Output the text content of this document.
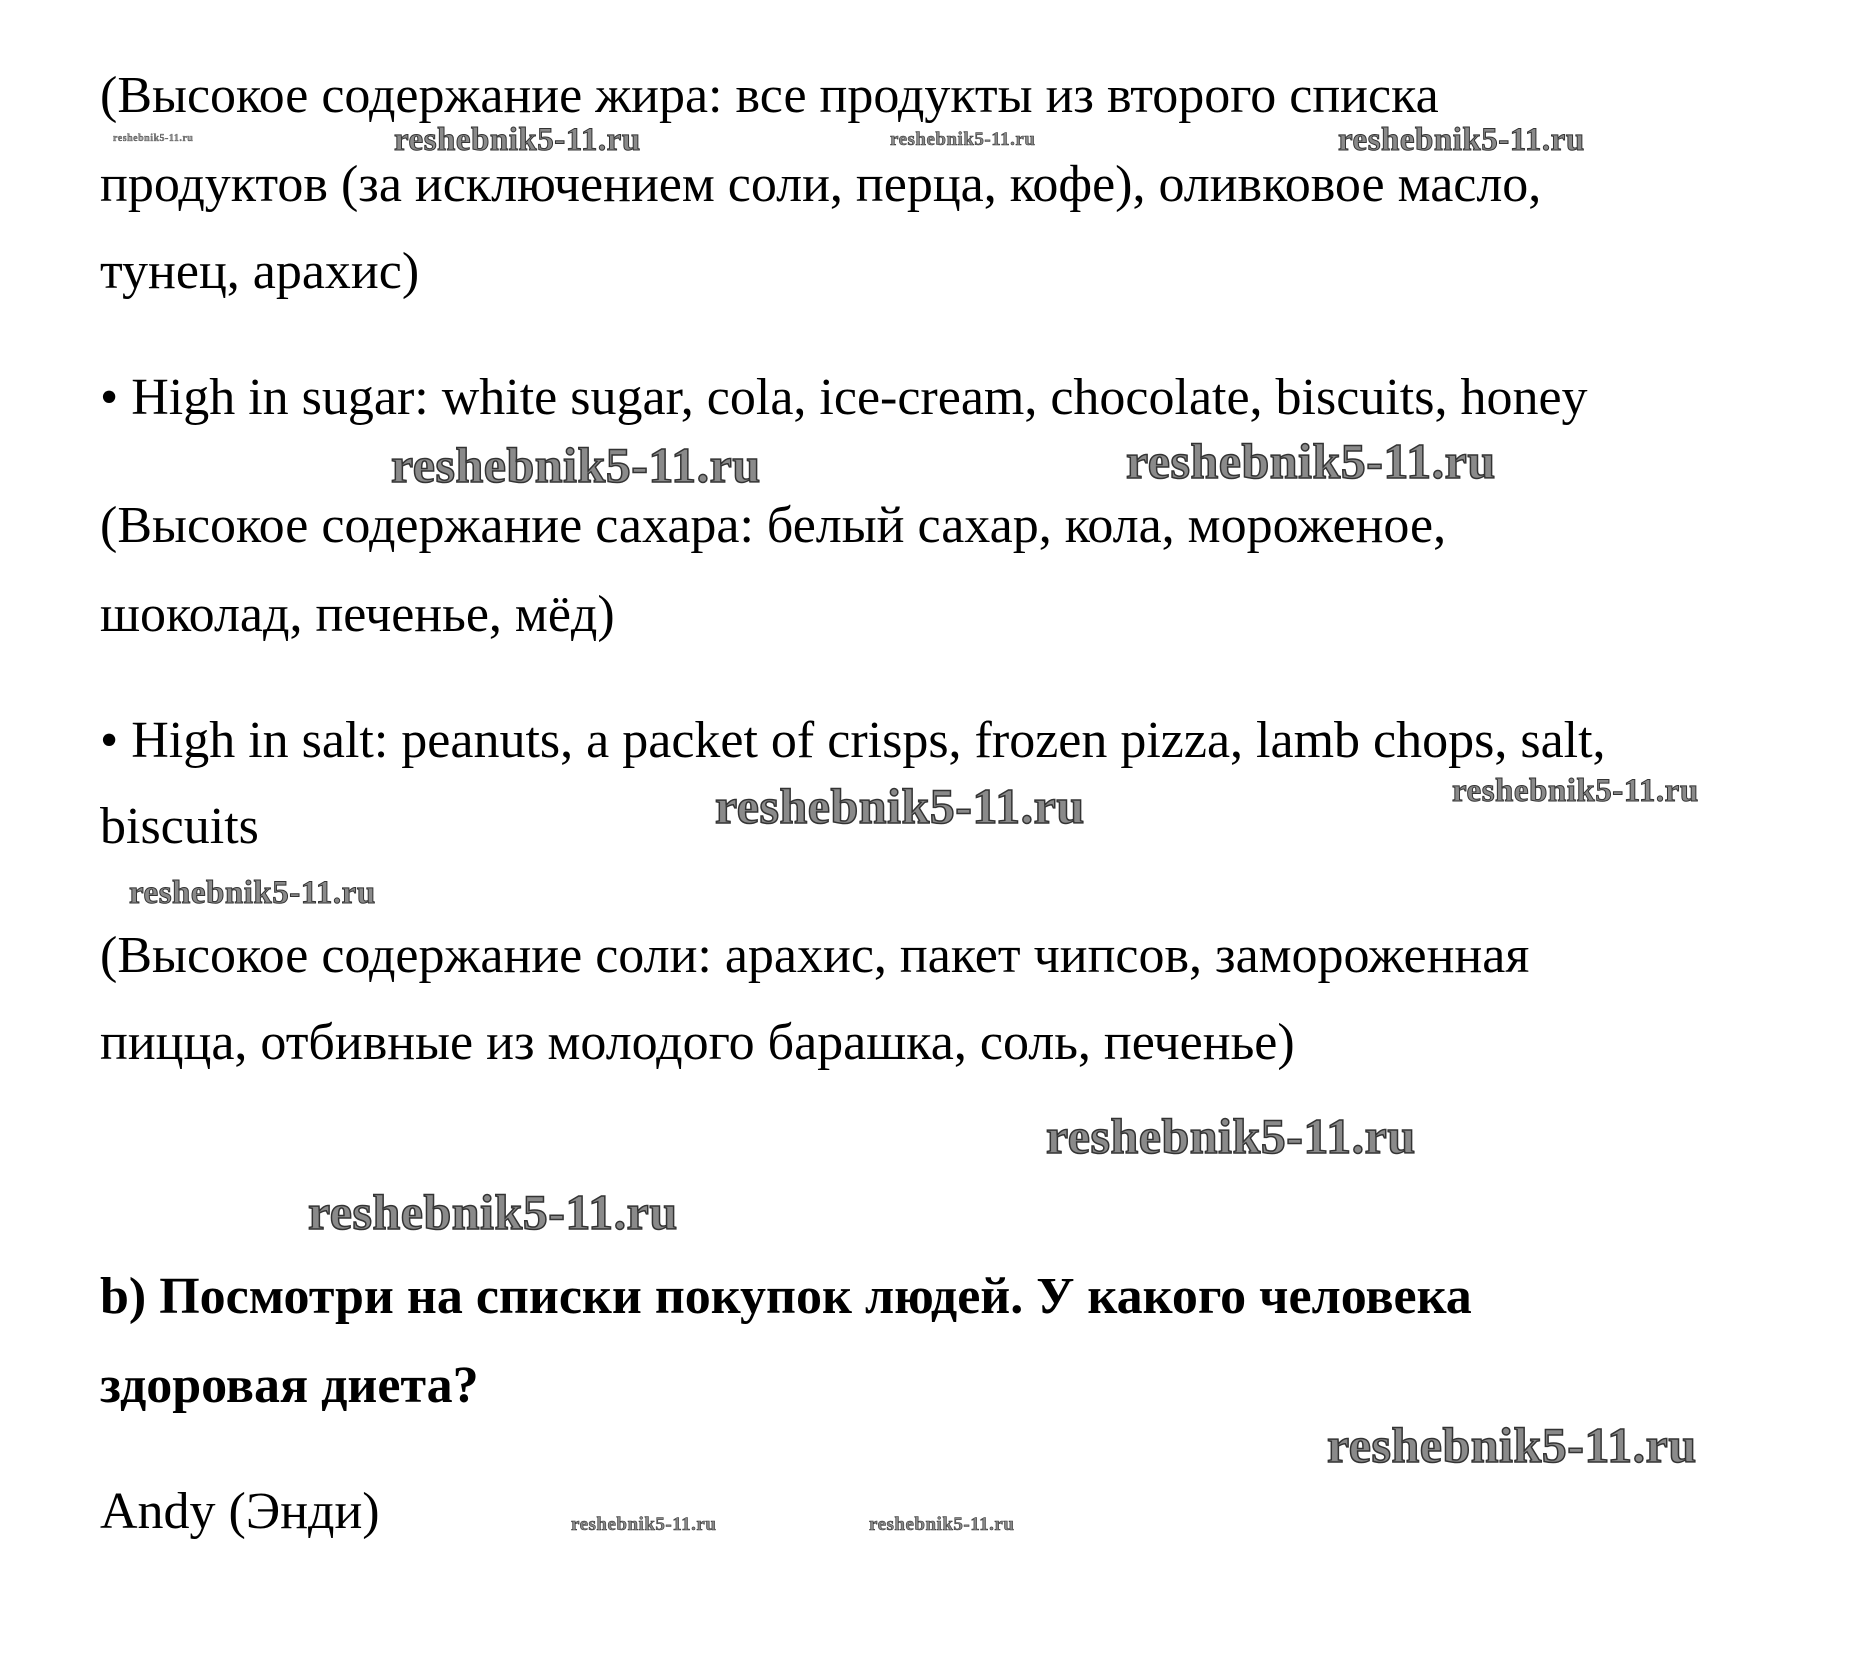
(Высокое содержание жира: все продукты из второго списка
продуктов (за исключением соли, перца, кофе), оливковое масло,
тунец, арахис)
• High in sugar: white sugar, cola, ice-cream, chocolate, biscuits, honey
(Высокое содержание сахара: белый сахар, кола, мороженое,
шоколад, печенье, мёд)
• High in salt: peanuts, a packet of crisps, frozen pizza, lamb chops, salt,
biscuits
(Высокое содержание соли: арахис, пакет чипсов, замороженная
пицца, отбивные из молодого барашка, соль, печенье)
b) Посмотри на списки покупок людей. У какого человека
здоровая диета?
Andy (Энди)
reshebnik5-11.ru	reshebnik5-11.ru	reshebnik5-11.ru	reshebnik5-11.ru
reshebnik5-11.ru	reshebnik5-11.ru
reshebnik5-11.ru	reshebnik5-11.ru
reshebnik5-11.ru
reshebnik5-11.ru
reshebnik5-11.ru
reshebnik5-11.ru
reshebnik5-11.ru	reshebnik5-11.ru
